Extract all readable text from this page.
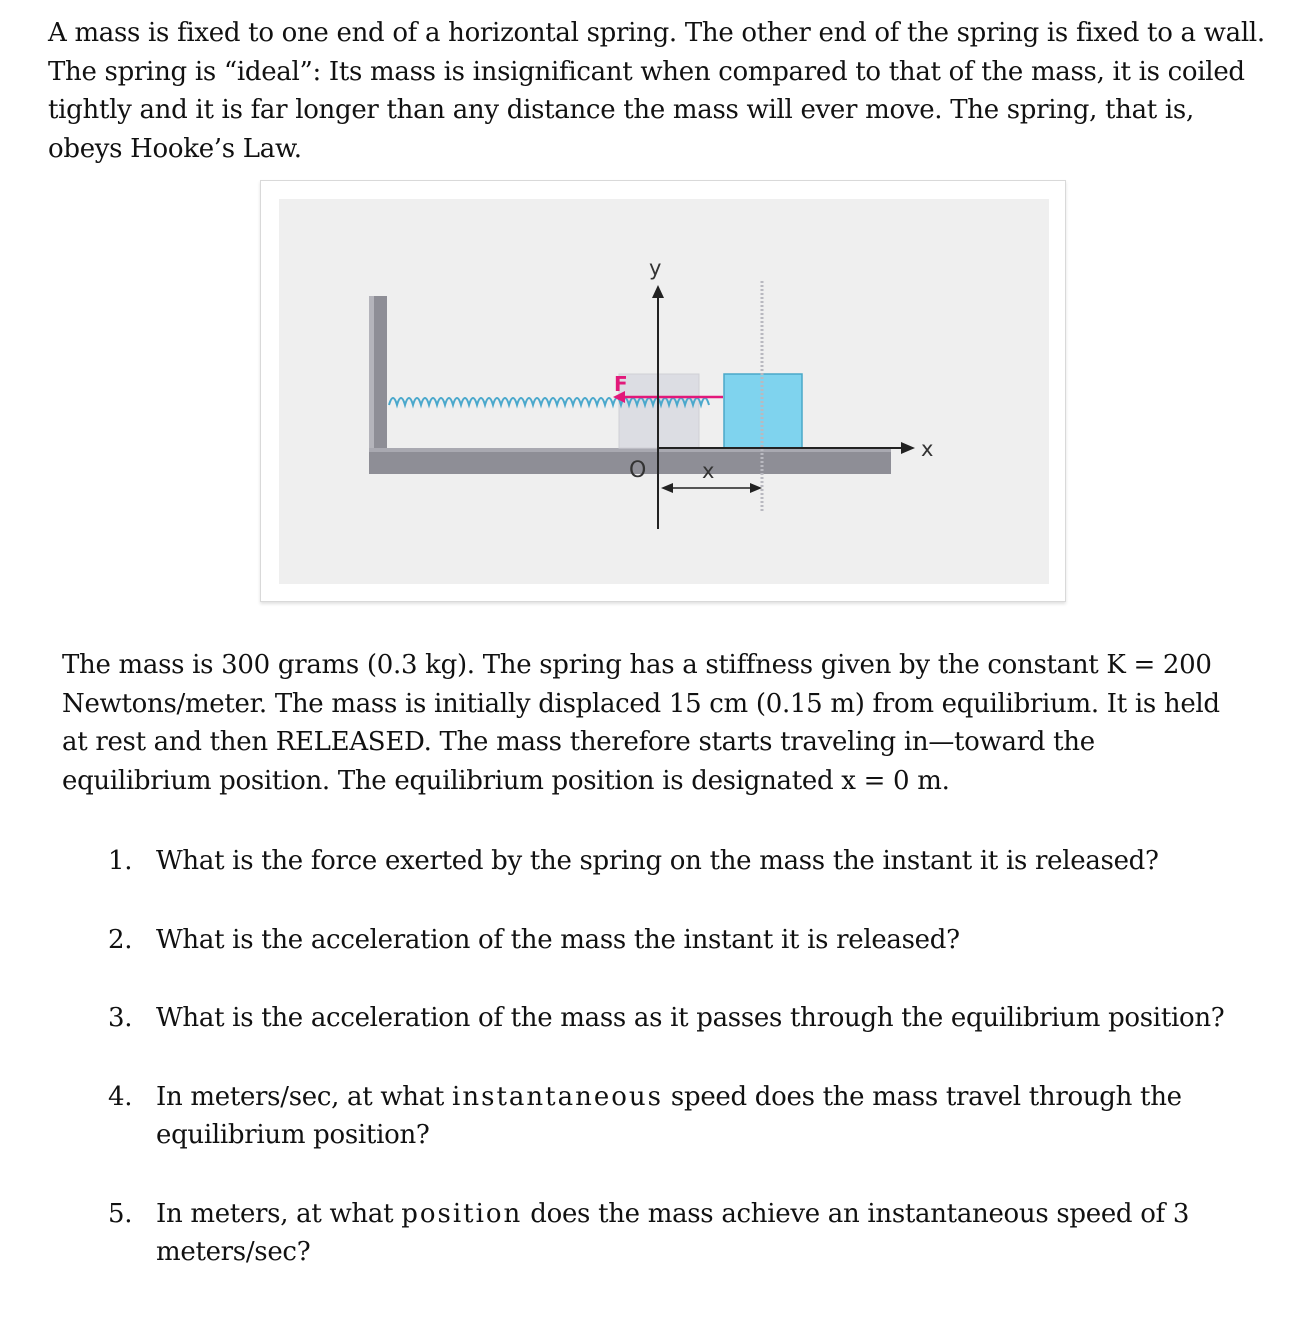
A mass is fixed to one end of a horizontal spring. The other end of the spring is fixed to a wall. The spring is “ideal”: Its mass is insignificant when compared to that of the mass, it is coiled tightly and it is far longer than any distance the mass will ever move. The spring, that is, obeys Hooke’s Law.
F
y
x
O	x
The mass is 300 grams (0.3 kg). The spring has a stiffness given by the constant K = 200 Newtons/meter. The mass is initially displaced 15 cm (0.15 m) from equilibrium. It is held at rest and then RELEASED. The mass therefore starts traveling in—toward the equilibrium position. The equilibrium position is designated x = 0 m.
1. What is the force exerted by the spring on the mass the instant it is released?
2. What is the acceleration of the mass the instant it is released?
3. What is the acceleration of the mass as it passes through the equilibrium position?
4. In meters/sec, at what instantaneous speed does the mass travel through the equilibrium position?
5. In meters, at what position does the mass achieve an instantaneous speed of 3 meters/sec?
